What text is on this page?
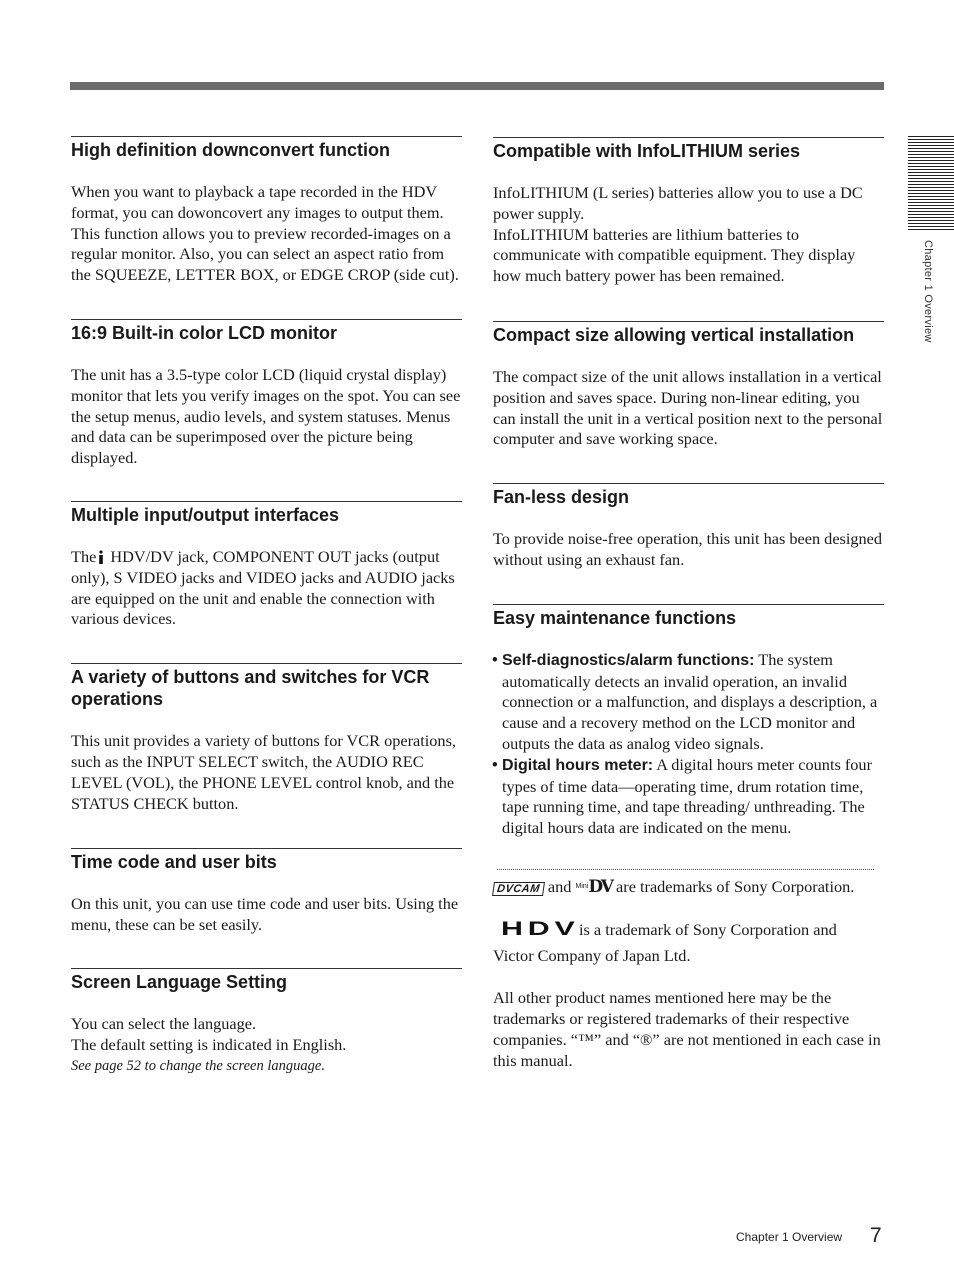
Chapter 1 Overview
High definition downconvert function

When you want to playback a tape recorded in the HDV format, you can dowoncovert any images to output them. This function allows you to preview recorded-images on a regular monitor. Also, you can select an aspect ratio from the SQUEEZE, LETTER BOX, or EDGE CROP (side cut).

16:9 Built-in color LCD monitor

The unit has a 3.5-type color LCD (liquid crystal display) monitor that lets you verify images on the spot. You can see the setup menus, audio levels, and system statuses. Menus and data can be superimposed over the picture being displayed.

Multiple input/output interfaces

The HDV/DV jack, COMPONENT OUT jacks (output only), S VIDEO jacks and VIDEO jacks and AUDIO jacks are equipped on the unit and enable the connection with various devices.

A variety of buttons and switches for VCR operations

This unit provides a variety of buttons for VCR operations, such as the INPUT SELECT switch, the AUDIO REC LEVEL (VOL), the PHONE LEVEL control knob, and the STATUS CHECK button.

Time code and user bits

On this unit, you can use time code and user bits. Using the menu, these can be set easily.

Screen Language Setting

You can select the language.

The default setting is indicated in English.

See page 52 to change the screen language.

Compatible with InfoLITHIUM series

InfoLITHIUM (L series) batteries allow you to use a DC power supply.

InfoLITHIUM batteries are lithium batteries to communicate with compatible equipment. They display how much battery power has been remained.

Compact size allowing vertical installation

The compact size of the unit allows installation in a vertical position and saves space. During non-linear editing, you can install the unit in a vertical position next to the personal computer and save working space.

Fan-less design

To provide noise-free operation, this unit has been designed without using an exhaust fan.

Easy maintenance functions
• Self-diagnostics/alarm functions: The system automatically detects an invalid operation, an invalid connection or a malfunction, and displays a description, a cause and a recovery method on the LCD monitor and outputs the data as analog video signals.
• Digital hours meter: A digital hours meter counts four types of time data—operating time, drum rotation time, tape running time, and tape threading/ unthreading. The digital hours data are indicated on the menu.

DVCAM and $^{Mini}$DV are trademarks of Sony Corporation.

HDVis a trademark of Sony Corporation and

Victor Company of Japan Ltd.

All other product names mentioned here may be the trademarks or registered trademarks of their respective companies. “™” and “®” are not mentioned in each case in this manual.

Chapter 1 Overview 7
